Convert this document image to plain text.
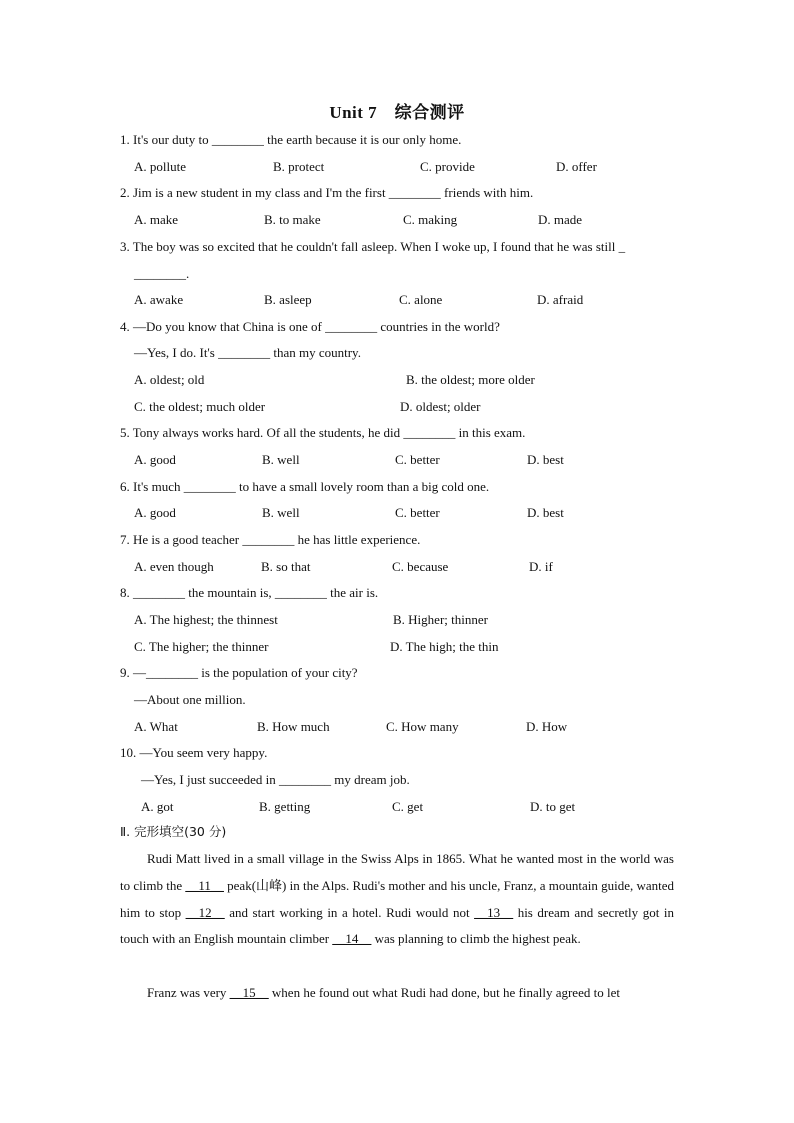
Unit 7　综合测评
1. It's our duty to ________ the earth because it is our only home.
A. pollute	B. protect	C. provide	D. offer
2. Jim is a new student in my class and I'm the first ________ friends with him.
A. make	B. to make	C. making	D. made
3. The boy was so excited that he couldn't fall asleep. When I woke up, I found that he was still _
________.
A. awake	B. asleep	C. alone	D. afraid
4. —Do you know that China is one of ________ countries in the world?
—Yes, I do. It's ________ than my country.
A. oldest; old	B. the oldest; more older
C. the oldest; much older	D. oldest; older
5. Tony always works hard. Of all the students, he did ________ in this exam.
A. good	B. well	C. better	D. best
6. It's much ________ to have a small lovely room than a big cold one.
A. good	B. well	C. better	D. best
7. He is a good teacher ________ he has little experience.
A. even though	B. so that	C. because	D. if
8. ________ the mountain is, ________ the air is.
A. The highest; the thinnest	B. Higher; thinner
C. The higher; the thinner	D. The high; the thin
9. —________ is the population of your city?
—About one million.
A. What	B. How much	C. How many	D. How
10. —You seem very happy.
—Yes, I just succeeded in ________ my dream job.
A. got	B. getting	C. get	D. to get
Ⅱ. 完形填空(30 分)
Rudi Matt lived in a small village in the Swiss Alps in 1865. What he wanted most in the world was to climb the __11__ peak(山峰) in the Alps. Rudi's mother and his uncle, Franz, a mountain guide, wanted him to stop __12__ and start working in a hotel. Rudi would not __13__ his dream and secretly got in touch with an English mountain climber __14__ was planning to climb the highest peak.
Franz was very __15__ when he found out what Rudi had done, but he finally agreed to let
